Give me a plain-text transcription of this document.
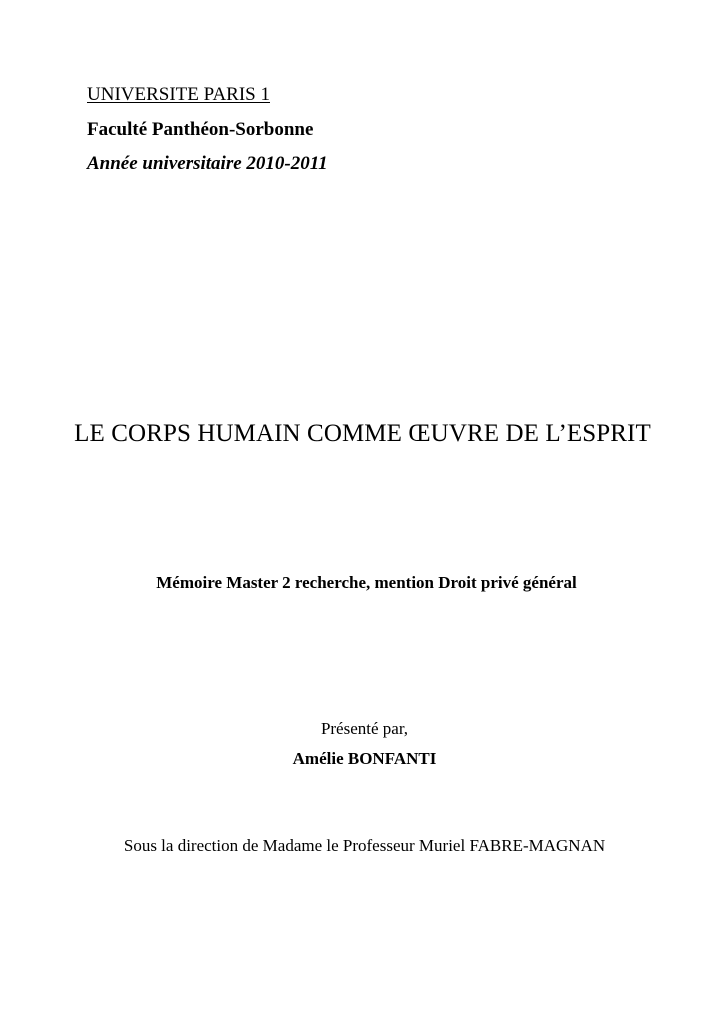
UNIVERSITE PARIS 1
Faculté Panthéon-Sorbonne
Année universitaire 2010-2011
LE CORPS HUMAIN COMME ŒUVRE DE L’ESPRIT
Mémoire Master 2 recherche, mention Droit privé général
Présenté par,
Amélie BONFANTI
Sous la direction de Madame le Professeur Muriel FABRE-MAGNAN
